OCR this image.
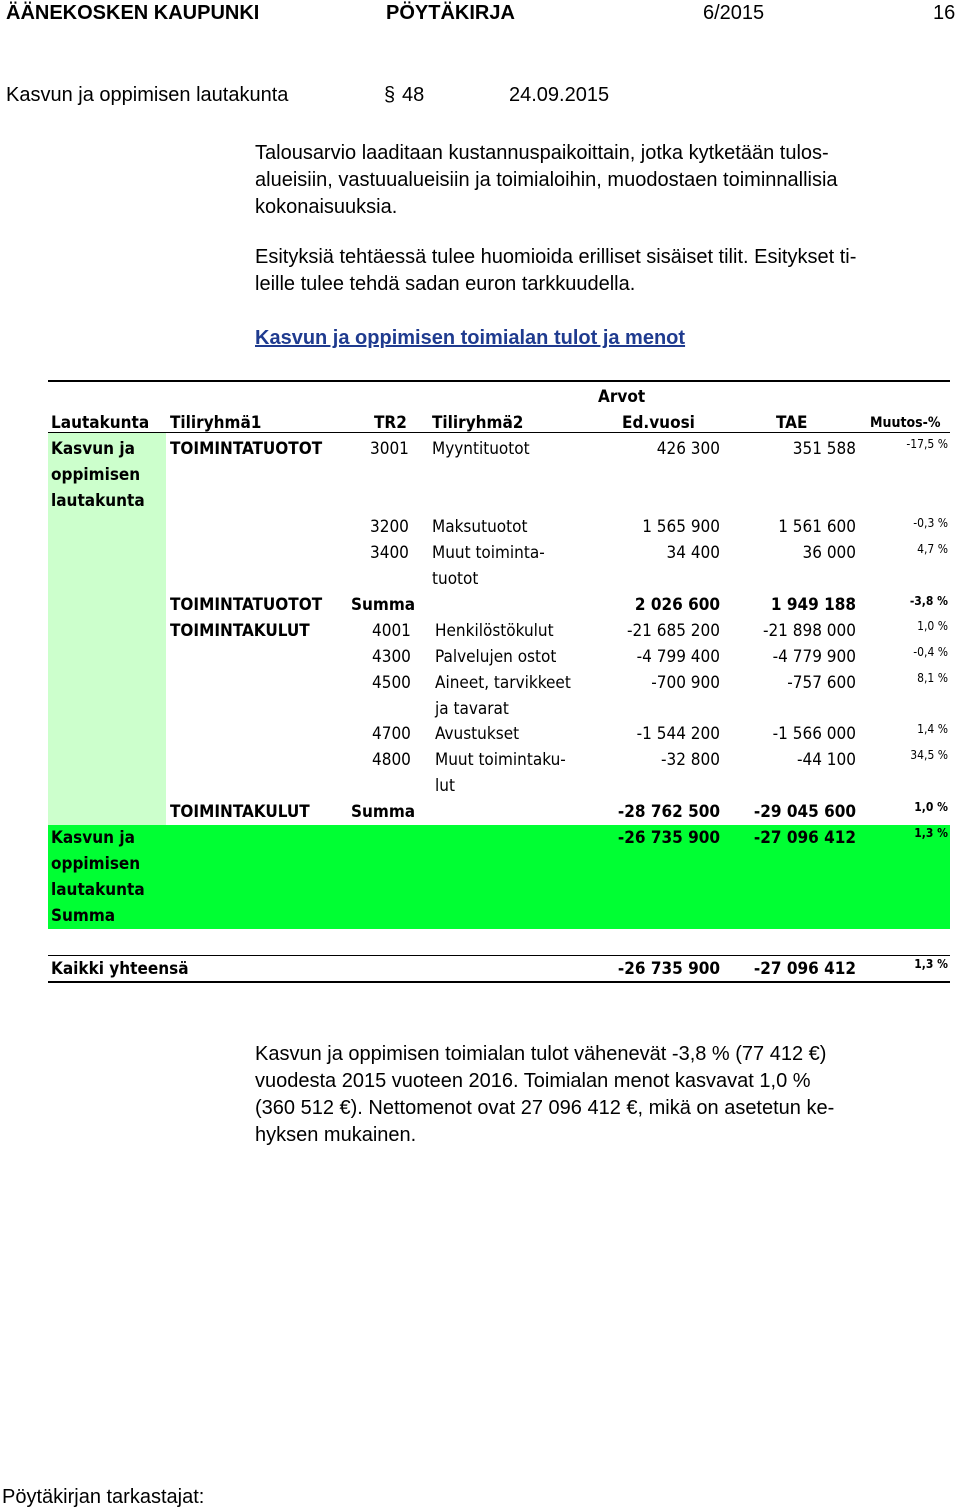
ÄÄNEKOSKEN KAUPUNKI	PÖYTÄKIRJA	6/2015	16
Kasvun ja oppimisen lautakunta	§ 48	24.09.2015
Talousarvio laaditaan kustannuspaikoittain, jotka kytketään tulos-
alueisiin, vastuualueisiin ja toimialoihin, muodostaen toiminnallisia
kokonaisuuksia.
Esityksiä tehtäessä tulee huomioida erilliset sisäiset tilit. Esitykset ti-
leille tulee tehdä sadan euron tarkkuudella.
Kasvun ja oppimisen toimialan tulot ja menot
Arvot
Lautakunta Tiliryhmä1	TR2 Tiliryhmä2	Ed.vuosi	TAE	Muutos-%
Kasvun ja
oppimisen
lautakunta
TOIMINTATUOTOT	3001 Myyntituotot	426 300	351 588	-17,5 %
3200 Maksutuotot	1 565 900	1 561 600	-0,3 %
3400 Muut toiminta-
tuotot
34 400	36 000	4,7 %
TOIMINTATUOTOT Summa	2 026 600	1 949 188	-3,8 %
TOIMINTAKULUT	4001 Henkilöstökulut	-21 685 200	-21 898 000	1,0 %
4300 Palvelujen ostot	-4 799 400	-4 779 900	-0,4 %
4500 Aineet, tarvikkeet
ja tavarat
-700 900	-757 600	8,1 %
4700 Avustukset	-1 544 200	-1 566 000	1,4 %
4800 Muut toimintaku-
lut
-32 800	-44 100	34,5 %
TOIMINTAKULUT Summa	-28 762 500	-29 045 600	1,0 %
Kasvun ja
oppimisen
lautakunta
Summa
-26 735 900	-27 096 412	1,3 %
Kaikki yhteensä	-26 735 900	-27 096 412	1,3 %
Kasvun ja oppimisen toimialan tulot vähenevät -3,8 % (77 412 €)
vuodesta 2015 vuoteen 2016. Toimialan menot kasvavat 1,0 %
(360 512 €). Nettomenot ovat 27 096 412 €, mikä on asetetun ke-
hyksen mukainen.
Pöytäkirjan tarkastajat:
